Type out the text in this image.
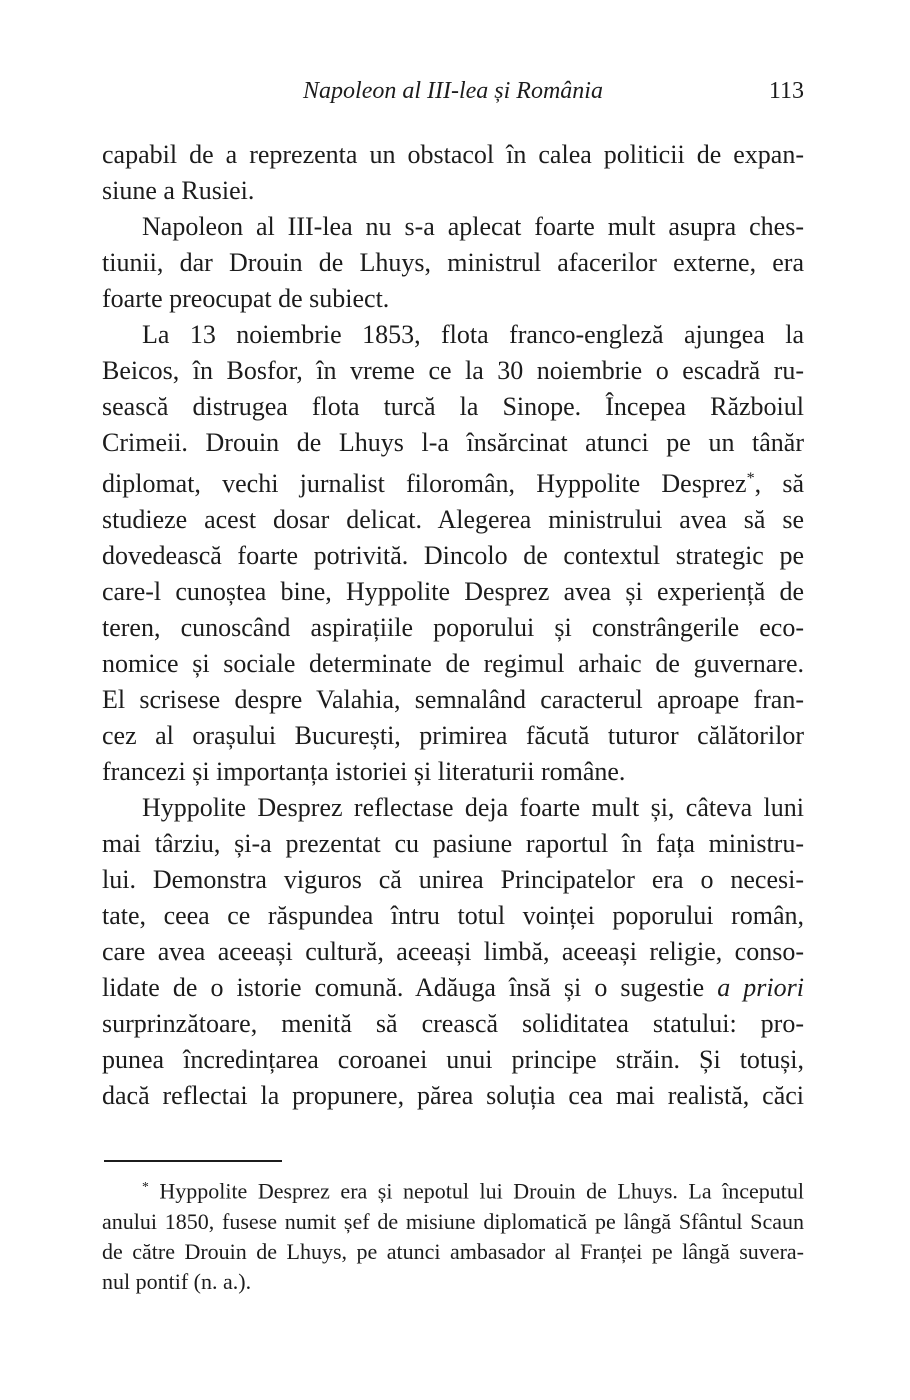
Napoleon al III-lea și România	113
capabil de a reprezenta un obstacol în calea politicii de expan-
siune a Rusiei.
Napoleon al III-lea nu s-a aplecat foarte mult asupra ches-
tiunii, dar Drouin de Lhuys, ministrul afacerilor externe, era
foarte preocupat de subiect.
La 13 noiembrie 1853, flota franco-engleză ajungea la
Beicos, în Bosfor, în vreme ce la 30 noiembrie o escadră ru-
sească distrugea flota turcă la Sinope. Începea Războiul
Crimeii. Drouin de Lhuys l-a însărcinat atunci pe un tânăr
diplomat, vechi jurnalist filoromân, Hyppolite Desprez*, să
studieze acest dosar delicat. Alegerea ministrului avea să se
dovedească foarte potrivită. Dincolo de contextul strategic pe
care-l cunoștea bine, Hyppolite Desprez avea și experiență de
teren, cunoscând aspirațiile poporului și constrângerile eco-
nomice și sociale determinate de regimul arhaic de guvernare.
El scrisese despre Valahia, semnalând caracterul aproape fran-
cez al orașului București, primirea făcută tuturor călătorilor
francezi și importanța istoriei și literaturii române.
Hyppolite Desprez reflectase deja foarte mult și, câteva luni
mai târziu, și-a prezentat cu pasiune raportul în fața ministru-
lui. Demonstra viguros că unirea Principatelor era o necesi-
tate, ceea ce răspundea întru totul voinței poporului român,
care avea aceeași cultură, aceeași limbă, aceeași religie, conso-
lidate de o istorie comună. Adăuga însă și o sugestie a priori
surprinzătoare, menită să crească soliditatea statului: pro-
punea încredințarea coroanei unui principe străin. Și totuși,
dacă reflectai la propunere, părea soluția cea mai realistă, căci
* Hyppolite Desprez era și nepotul lui Drouin de Lhuys. La începutul
anului 1850, fusese numit șef de misiune diplomatică pe lângă Sfântul Scaun
de către Drouin de Lhuys, pe atunci ambasador al Franței pe lângă suvera-
nul pontif (n. a.).
